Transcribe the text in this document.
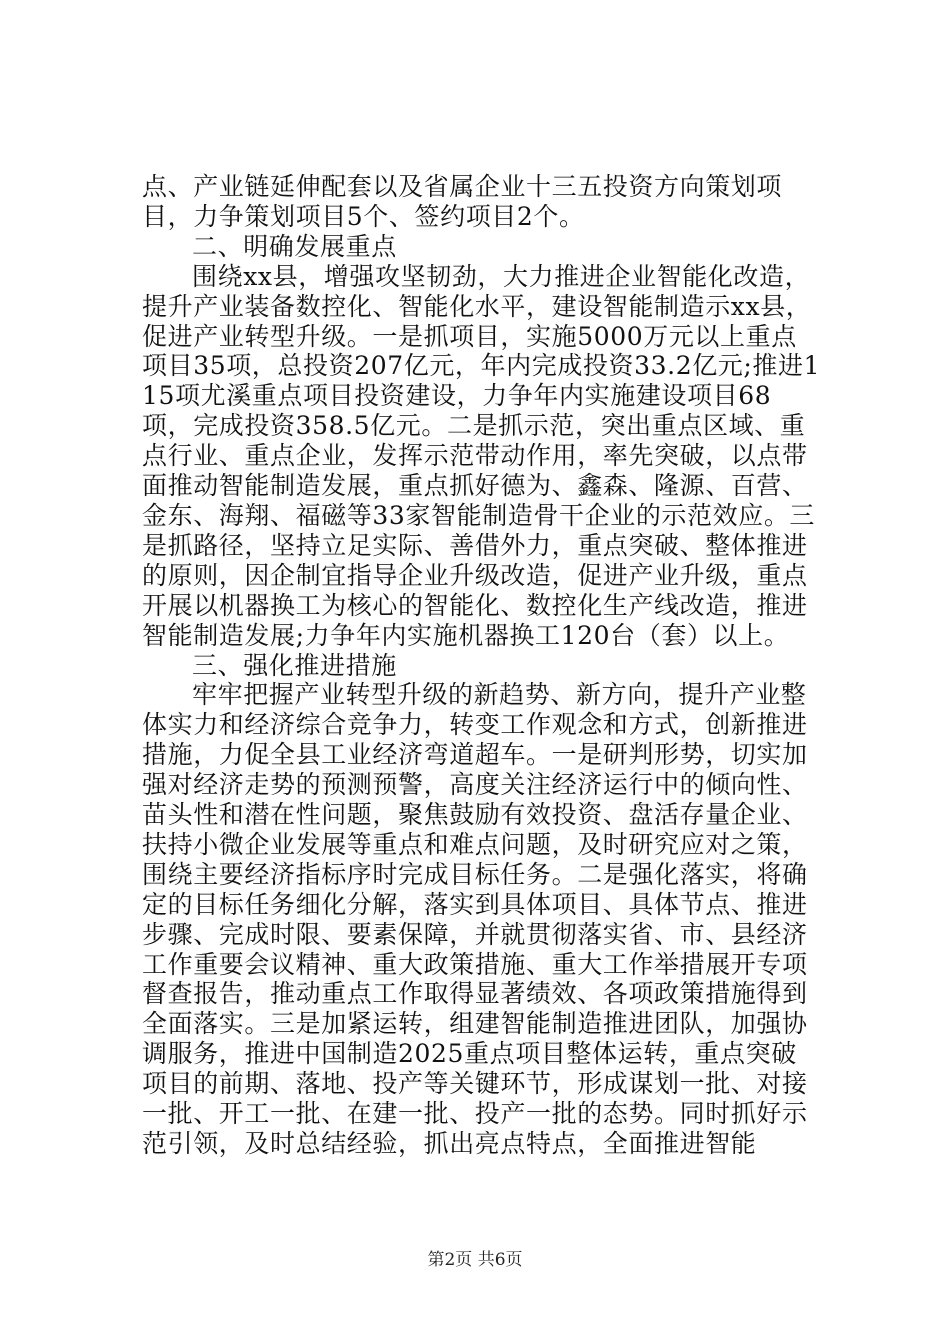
点、产业链延伸配套以及省属企业十三五投资方向策划项目，力争策划项目5个、签约项目2个。

二、明确发展重点

围绕xx县，增强攻坚韧劲，大力推进企业智能化改造，提升产业装备数控化、智能化水平，建设智能制造示xx县，促进产业转型升级。一是抓项目，实施5000万元以上重点项目35项，总投资207亿元，年内完成投资33.2亿元;推进115项尤溪重点项目投资建设，力争年内实施建设项目68项，完成投资358.5亿元。二是抓示范，突出重点区域、重点行业、重点企业，发挥示范带动作用，率先突破，以点带面推动智能制造发展，重点抓好德为、鑫森、隆源、百营、金东、海翔、福磁等33家智能制造骨干企业的示范效应。三是抓路径，坚持立足实际、善借外力，重点突破、整体推进的原则，因企制宜指导企业升级改造，促进产业升级，重点开展以机器换工为核心的智能化、数控化生产线改造，推进智能制造发展;力争年内实施机器换工120台（套）以上。

三、强化推进措施

牢牢把握产业转型升级的新趋势、新方向，提升产业整体实力和经济综合竞争力，转变工作观念和方式，创新推进措施，力促全县工业经济弯道超车。一是研判形势，切实加强对经济走势的预测预警，高度关注经济运行中的倾向性、苗头性和潜在性问题，聚焦鼓励有效投资、盘活存量企业、扶持小微企业发展等重点和难点问题，及时研究应对之策，围绕主要经济指标序时完成目标任务。二是强化落实，将确定的目标任务细化分解，落实到具体项目、具体节点、推进步骤、完成时限、要素保障，并就贯彻落实省、市、县经济工作重要会议精神、重大政策措施、重大工作举措展开专项督查报告，推动重点工作取得显著绩效、各项政策措施得到全面落实。三是加紧运转，组建智能制造推进团队，加强协调服务，推进中国制造2025重点项目整体运转，重点突破项目的前期、落地、投产等关键环节，形成谋划一批、对接一批、开工一批、在建一批、投产一批的态势。同时抓好示范引领，及时总结经验，抓出亮点特点，全面推进智能

第2页 共6页
